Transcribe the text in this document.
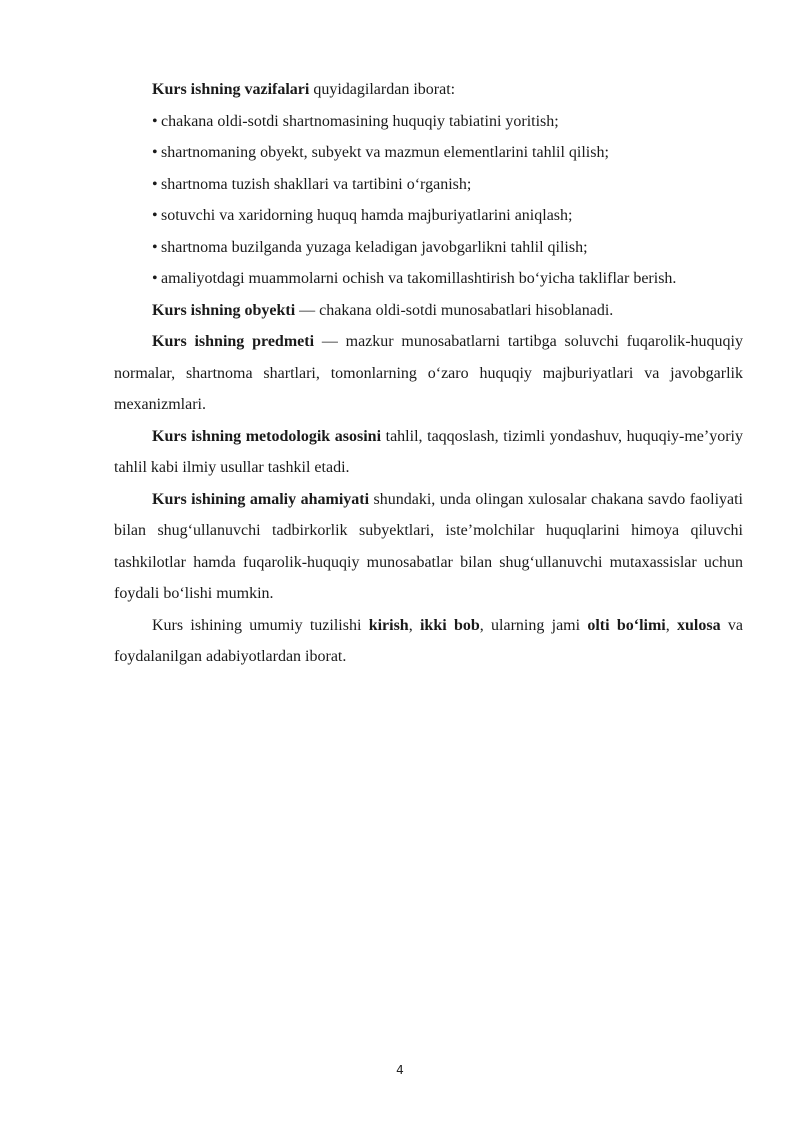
Kurs ishning vazifalari quyidagilardan iborat:

• chakana oldi-sotdi shartnomasining huquqiy tabiatini yoritish;

• shartnomaning obyekt, subyekt va mazmun elementlarini tahlil qilish;

• shartnoma tuzish shakllari va tartibini o‘rganish;

• sotuvchi va xaridorning huquq hamda majburiyatlarini aniqlash;

• shartnoma buzilganda yuzaga keladigan javobgarlikni tahlil qilish;

• amaliyotdagi muammolarni ochish va takomillashtirish bo‘yicha takliflar berish.

Kurs ishning obyekti — chakana oldi-sotdi munosabatlari hisoblanadi.

Kurs ishning predmeti — mazkur munosabatlarni tartibga soluvchi fuqarolik-huquqiy normalar, shartnoma shartlari, tomonlarning o‘zaro huquqiy majburiyatlari va javobgarlik mexanizmlari.

Kurs ishning metodologik asosini tahlil, taqqoslash, tizimli yondashuv, huquqiy-me’yoriy tahlil kabi ilmiy usullar tashkil etadi.

Kurs ishining amaliy ahamiyati shundaki, unda olingan xulosalar chakana savdo faoliyati bilan shug‘ullanuvchi tadbirkorlik subyektlari, iste’molchilar huquqlarini himoya qiluvchi tashkilotlar hamda fuqarolik-huquqiy munosabatlar bilan shug‘ullanuvchi mutaxassislar uchun foydali bo‘lishi mumkin.

Kurs ishining umumiy tuzilishi kirish, ikki bob, ularning jami olti bo‘limi, xulosa va foydalanilgan adabiyotlardan iborat.

4
